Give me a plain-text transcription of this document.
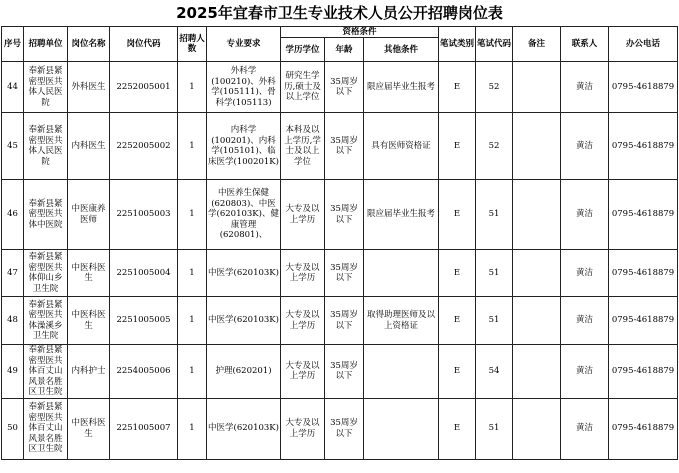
2025年宜春市卫生专业技术人员公开招聘岗位表
序号	招聘单位	岗位名称	岗位代码	招聘人数	专业要求	资格条件			笔试类别	笔试代码	备注	联系人	办公电话
						学历学位	年龄	其他条件					
44	奉新县紧密型医共体人民医院	外科医生	2252005001	1	外科学(100210)、外科学(105111)、骨科学(105113)	研究生学历,硕士及以上学位	35周岁以下	限应届毕业生报考	E	52		黄洁	0795-4618879
45	奉新县紧密型医共体人民医院	内科医生	2252005002	1	内科学(100201)、内科学(105101)、临床医学(100201K)	本科及以上学历,学士及以上学位	35周岁以下	具有医师资格证	E	52		黄洁	0795-4618879
46	奉新县紧密型医共体中医院	中医康养医师	2251005003	1	中医养生保健(620803)、中医学(620103K)、健康管理(620801)、	大专及以上学历	35周岁以下	限应届毕业生报考	E	51		黄洁	0795-4618879
47	奉新县紧密型医共体仰山乡卫生院	中医科医生	2251005004	1	中医学(620103K)	大专及以上学历	35周岁以下		E	51		黄洁	0795-4618879
48	奉新县紧密型医共体澡溪乡卫生院	中医科医生	2251005005	1	中医学(620103K)	大专及以上学历	35周岁以下	取得助理医师及以上资格证	E	51		黄洁	0795-4618879
49	奉新县紧密型医共体百丈山风景名胜区卫生院	内科护士	2254005006	1	护理(620201)	大专及以上学历	35周岁以下		E	54		黄洁	0795-4618879
50	奉新县紧密型医共体百丈山风景名胜区卫生院	中医科医生	2251005007	1	中医学(620103K)	大专及以上学历	35周岁以下		E	51		黄洁	0795-4618879
